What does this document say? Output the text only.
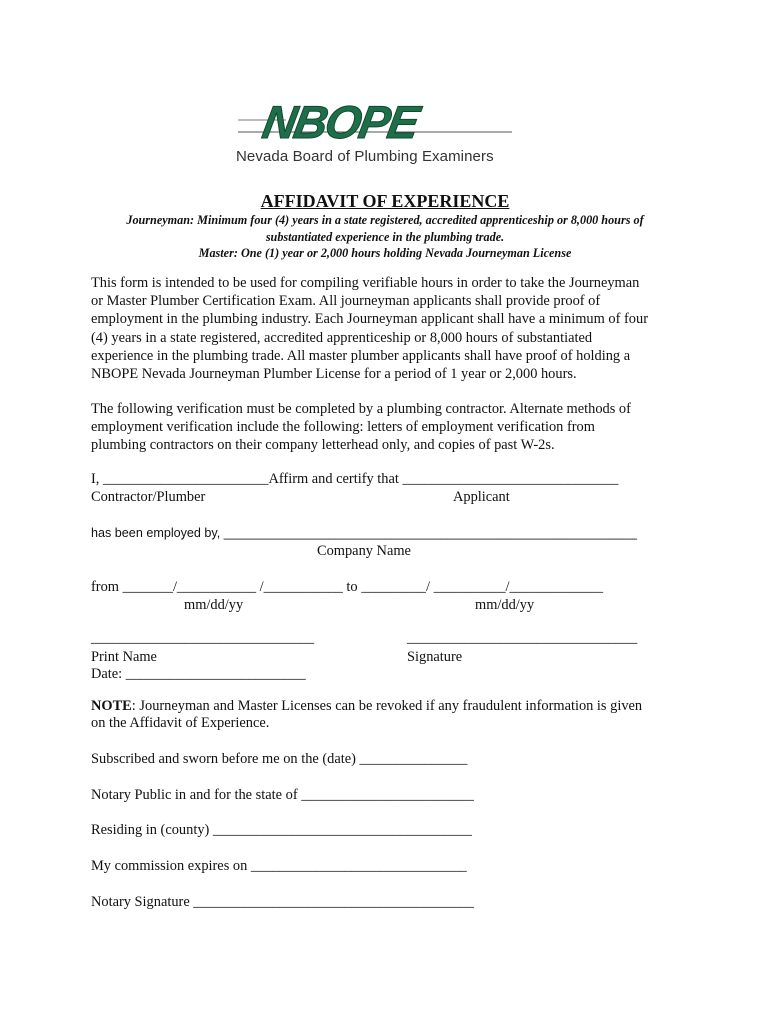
NBOPE
Nevada Board of Plumbing Examiners
AFFIDAVIT OF EXPERIENCE
Journeyman: Minimum four (4) years in a state registered, accredited apprenticeship or 8,000 hours of
substantiated experience in the plumbing trade.
Master: One (1) year or 2,000 hours holding Nevada Journeyman License
This form is intended to be used for compiling verifiable hours in order to take the Journeyman
or Master Plumber Certification Exam. All journeyman applicants shall provide proof of
employment in the plumbing industry. Each Journeyman applicant shall have a minimum of four
(4) years in a state registered, accredited apprenticeship or 8,000 hours of substantiated
experience in the plumbing trade. All master plumber applicants shall have proof of holding a
NBOPE Nevada Journeyman Plumber License for a period of 1 year or 2,000 hours.
The following verification must be completed by a plumbing contractor. Alternate methods of
employment verification include the following: letters of employment verification from
plumbing contractors on their company letterhead only, and copies of past W-2s.
I, _______________________Affirm and certify that ______________________________
Contractor/Plumber	Applicant
has been employed by, ___________________________________________________________
Company Name
from _______/___________ /___________ to _________/ __________/_____________
mm/dd/yy	mm/dd/yy
_______________________________	________________________________
Print Name	Signature
Date: _________________________
NOTE: Journeyman and Master Licenses can be revoked if any fraudulent information is given
on the Affidavit of Experience.
Subscribed and sworn before me on the (date) _______________
Notary Public in and for the state of ________________________
Residing in (county) ____________________________________
My commission expires on ______________________________
Notary Signature _______________________________________
